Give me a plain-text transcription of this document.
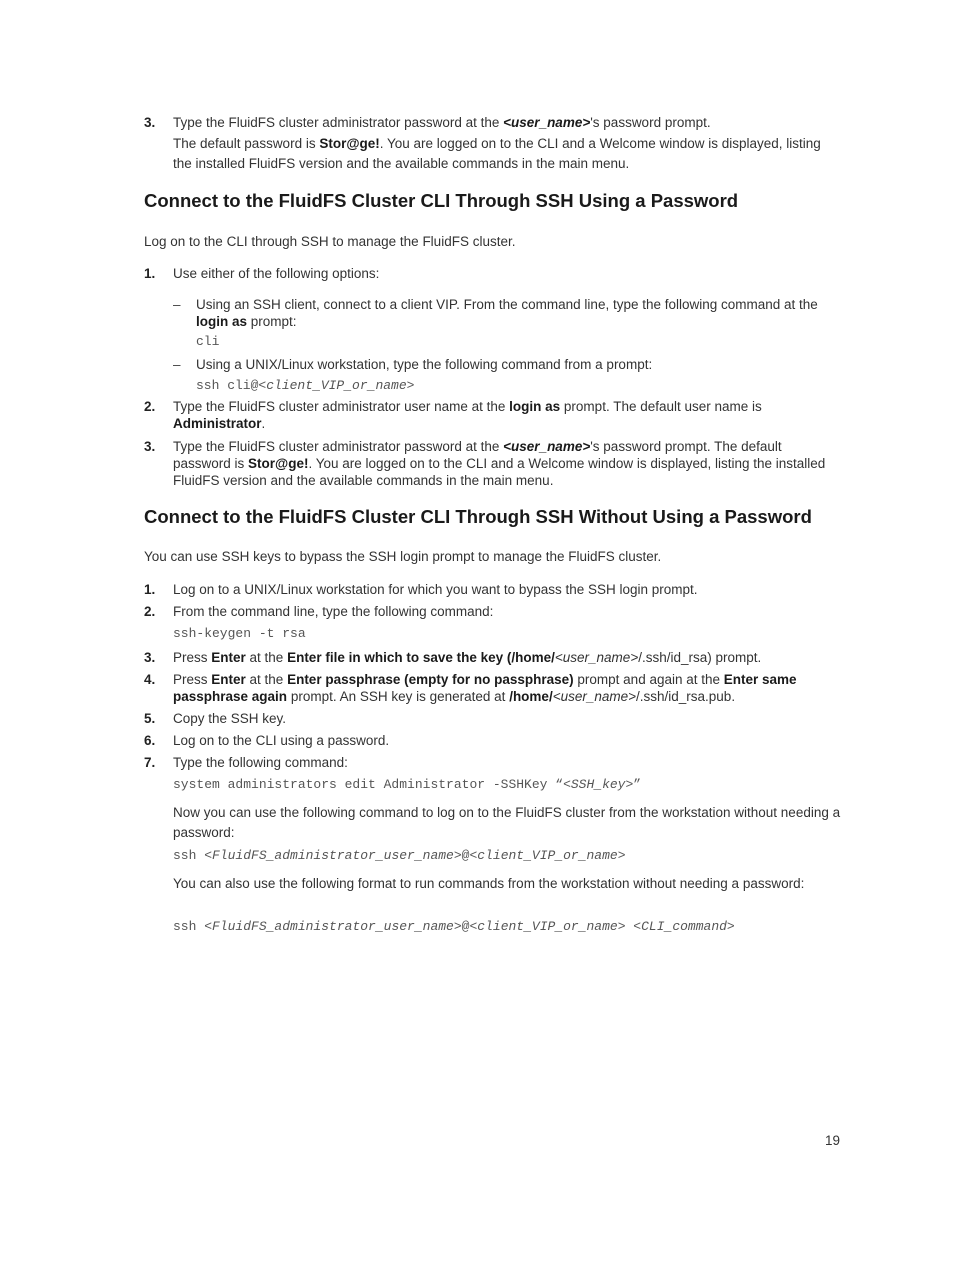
3.	Type the FluidFS cluster administrator password at the <user_name>'s password prompt.
The default password is Stor@ge!. You are logged on to the CLI and a Welcome window is displayed, listing the installed FluidFS version and the available commands in the main menu.
Connect to the FluidFS Cluster CLI Through SSH Using a Password
Log on to the CLI through SSH to manage the FluidFS cluster.
1.	Use either of the following options:
– Using an SSH client, connect to a client VIP. From the command line, type the following command at the login as prompt:
cli
– Using a UNIX/Linux workstation, type the following command from a prompt:
ssh cli@<client_VIP_or_name>
2.	Type the FluidFS cluster administrator user name at the login as prompt. The default user name is Administrator.
3.	Type the FluidFS cluster administrator password at the <user_name>'s password prompt. The default password is Stor@ge!. You are logged on to the CLI and a Welcome window is displayed, listing the installed FluidFS version and the available commands in the main menu.
Connect to the FluidFS Cluster CLI Through SSH Without Using a Password
You can use SSH keys to bypass the SSH login prompt to manage the FluidFS cluster.
1.	Log on to a UNIX/Linux workstation for which you want to bypass the SSH login prompt.
2.	From the command line, type the following command:
ssh-keygen -t rsa
3.	Press Enter at the Enter file in which to save the key (/home/<user_name>/.ssh/id_rsa) prompt.
4.	Press Enter at the Enter passphrase (empty for no passphrase) prompt and again at the Enter same passphrase again prompt. An SSH key is generated at /home/<user_name>/.ssh/id_rsa.pub.
5.	Copy the SSH key.
6.	Log on to the CLI using a password.
7.	Type the following command:
system administrators edit Administrator -SSHKey “<SSH_key>”
Now you can use the following command to log on to the FluidFS cluster from the workstation without needing a password:
ssh <FluidFS_administrator_user_name>@<client_VIP_or_name>
You can also use the following format to run commands from the workstation without needing a password:
ssh <FluidFS_administrator_user_name>@<client_VIP_or_name> <CLI_command>
19
